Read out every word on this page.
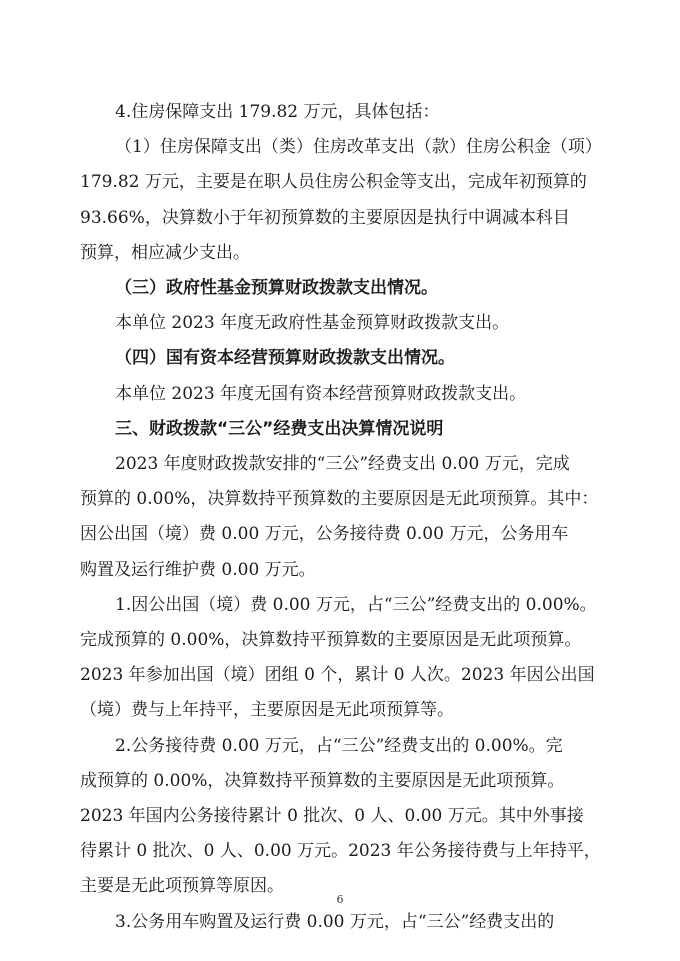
4.住房保障支出 179.82 万元，具体包括：
（1）住房保障支出（类）住房改革支出（款）住房公积金（项）
179.82 万元，主要是在职人员住房公积金等支出，完成年初预算的
93.66%，决算数小于年初预算数的主要原因是执行中调减本科目
预算，相应减少支出。
（三）政府性基金预算财政拨款支出情况。
本单位 2023 年度无政府性基金预算财政拨款支出。
（四）国有资本经营预算财政拨款支出情况。
本单位 2023 年度无国有资本经营预算财政拨款支出。
三、财政拨款“三公”经费支出决算情况说明
2023 年度财政拨款安排的“三公”经费支出 0.00 万元，完成
预算的 0.00%，决算数持平预算数的主要原因是无此项预算。其中：
因公出国（境）费 0.00 万元，公务接待费 0.00 万元，公务用车
购置及运行维护费 0.00 万元。
1.因公出国（境）费 0.00 万元，占“三公”经费支出的 0.00%。
完成预算的 0.00%，决算数持平预算数的主要原因是无此项预算。
2023 年参加出国（境）团组 0 个，累计 0 人次。2023 年因公出国
（境）费与上年持平，主要原因是无此项预算等。
2.公务接待费 0.00 万元，占“三公”经费支出的 0.00%。完
成预算的 0.00%，决算数持平预算数的主要原因是无此项预算。
2023 年国内公务接待累计 0 批次、0 人、0.00 万元。其中外事接
待累计 0 批次、0 人、0.00 万元。2023 年公务接待费与上年持平，
6
主要是无此项预算等原因。
3.公务用车购置及运行费 0.00 万元，占“三公”经费支出的
